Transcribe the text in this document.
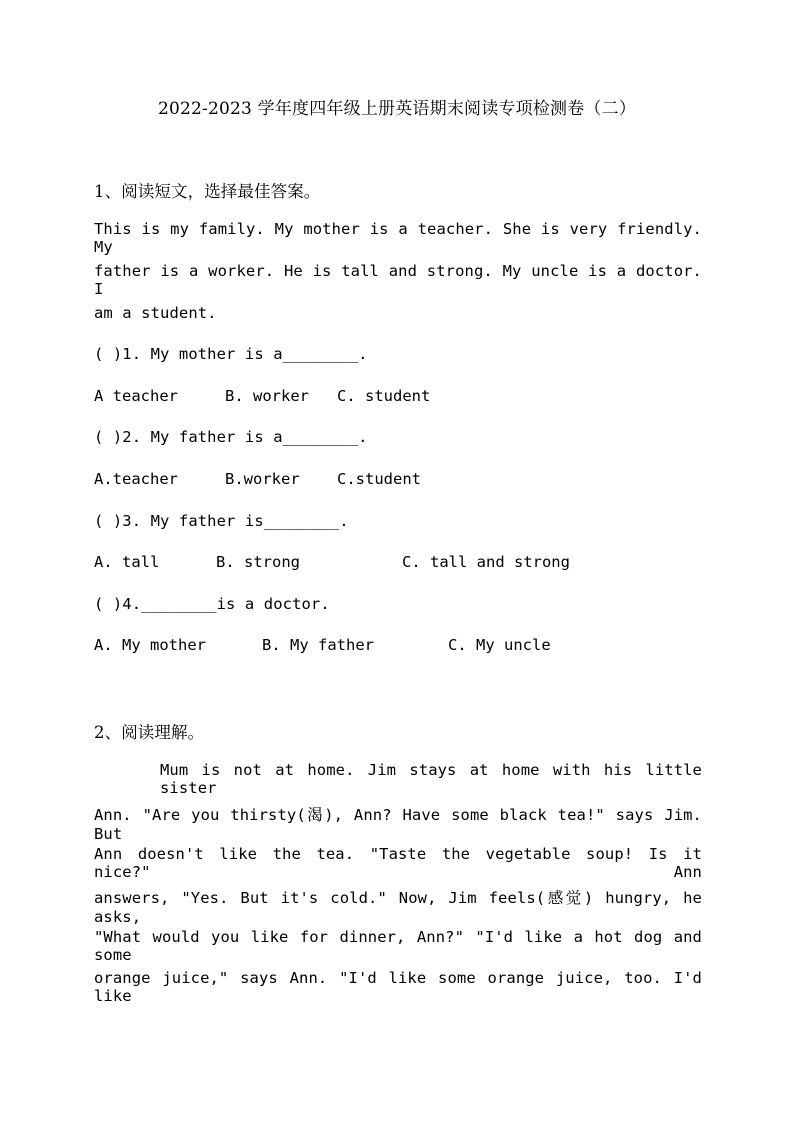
2022-2023 学年度四年级上册英语期末阅读专项检测卷（二）
1、阅读短文，选择最佳答案。
This is my family. My mother is a teacher. She is very friendly. My
father is a worker. He is tall and strong. My uncle is a doctor. I
am a student.
( )1. My mother is a________.
A teacher	B. worker C. student
( )2. My father is a________.
A.teacher	B.worker C.student
( )3. My father is________.
A. tall	B. strong	C. tall and strong
( )4.________is a doctor.
A. My mother	B. My father	C. My uncle
2、阅读理解。
Mum is not at home. Jim stays at home with his little sister
Ann. "Are you thirsty(渴), Ann? Have some black tea!" says Jim. But
Ann doesn't like the tea. "Taste the vegetable soup! Is it nice?" Ann
answers, "Yes. But it's cold." Now, Jim feels(感觉) hungry, he asks,
"What would you like for dinner, Ann?" "I'd like a hot dog and some
orange juice," says Ann. "I'd like some orange juice, too. I'd like
